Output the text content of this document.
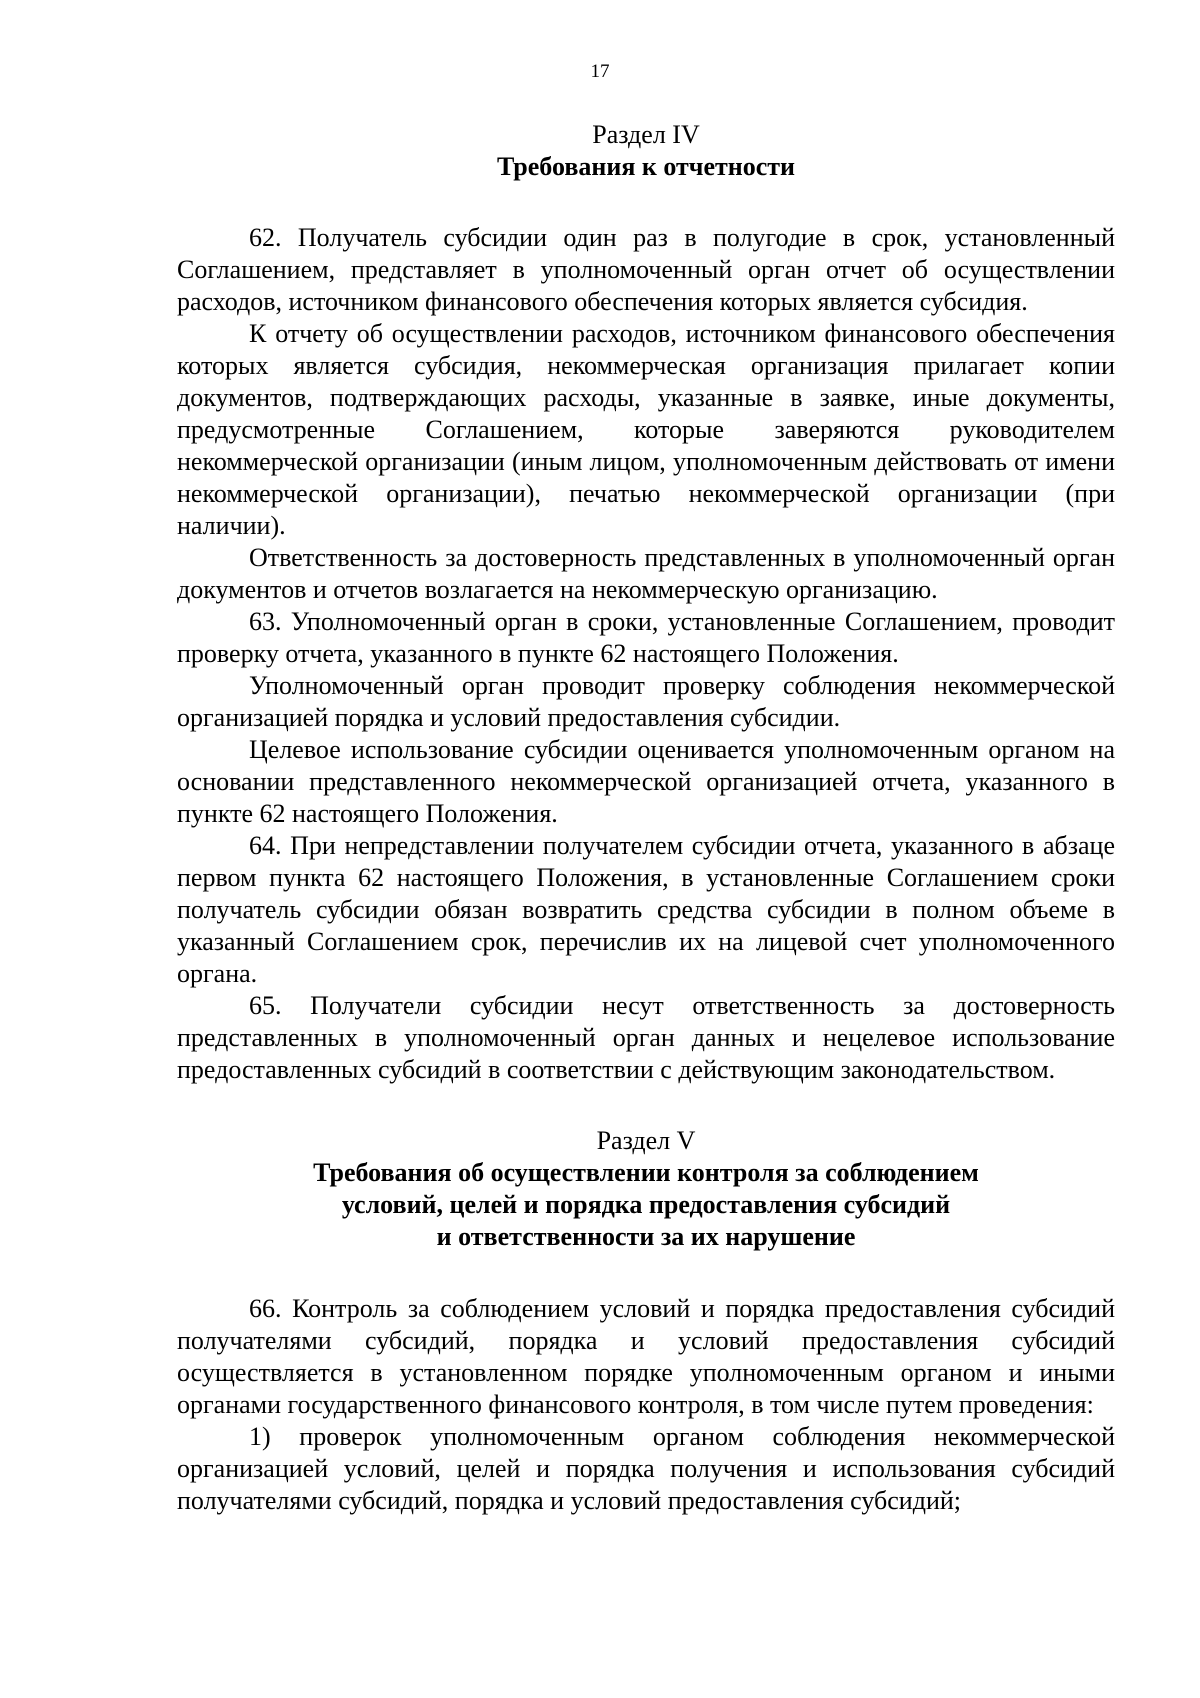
17

Раздел IV

Требования к отчетности

62. Получатель субсидии один раз в полугодие в срок, установленный Соглашением, представляет в уполномоченный орган отчет об осуществлении расходов, источником финансового обеспечения которых является субсидия.

К отчету об осуществлении расходов, источником финансового обеспечения которых является субсидия, некоммерческая организация прилагает копии документов, подтверждающих расходы, указанные в заявке, иные документы, предусмотренные Соглашением, которые заверяются руководителем некоммерческой организации (иным лицом, уполномоченным действовать от имени некоммерческой организации), печатью некоммерческой организации (при наличии).

Ответственность за достоверность представленных в уполномоченный орган документов и отчетов возлагается на некоммерческую организацию.

63. Уполномоченный орган в сроки, установленные Соглашением, проводит проверку отчета, указанного в пункте 62 настоящего Положения.

Уполномоченный орган проводит проверку соблюдения некоммерческой организацией порядка и условий предоставления субсидии.

Целевое использование субсидии оценивается уполномоченным органом на основании представленного некоммерческой организацией отчета, указанного в пункте 62 настоящего Положения.

64. При непредставлении получателем субсидии отчета, указанного в абзаце первом пункта 62 настоящего Положения, в установленные Соглашением сроки получатель субсидии обязан возвратить средства субсидии в полном объеме в указанный Соглашением срок, перечислив их на лицевой счет уполномоченного органа.

65. Получатели субсидии несут ответственность за достоверность представленных в уполномоченный орган данных и нецелевое использование предоставленных субсидий в соответствии с действующим законодательством.

Раздел V

Требования об осуществлении контроля за соблюдением
условий, целей и порядка предоставления субсидий
и ответственности за их нарушение

66. Контроль за соблюдением условий и порядка предоставления субсидий получателями субсидий, порядка и условий предоставления субсидий осуществляется в установленном порядке уполномоченным органом и иными органами государственного финансового контроля, в том числе путем проведения:

1) проверок уполномоченным органом соблюдения некоммерческой организацией условий, целей и порядка получения и использования субсидий получателями субсидий, порядка и условий предоставления субсидий;
